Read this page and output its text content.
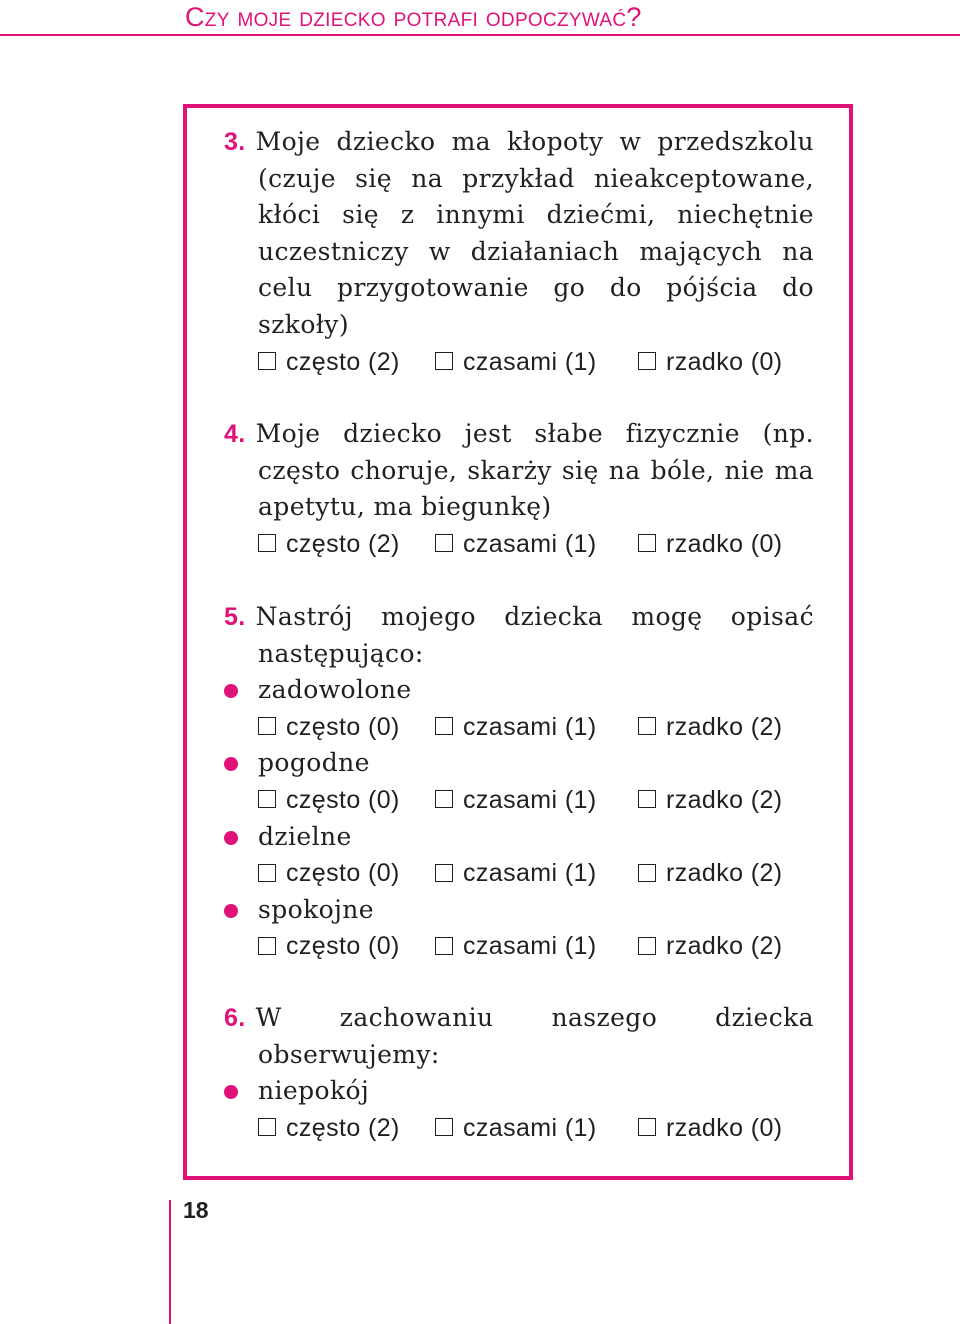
Czy moje dziecko potrafi odpoczywać?
3. Moje dziecko ma kłopoty w przedszkolu (czuje się na przykład nieakceptowane, kłóci się z innymi dziećmi, niechętnie uczestniczy w działaniach mających na celu przygotowanie go do pójścia do szkoły)
często (2)	czasami (1)	rzadko (0)
4. Moje dziecko jest słabe fizycznie (np. często choruje, skarży się na bóle, nie ma apetytu, ma biegunkę)
często (2)	czasami (1)	rzadko (0)
5. Nastrój mojego dziecka mogę opisać następująco:
zadowolone
często (0)	czasami (1)	rzadko (2)
pogodne
często (0)	czasami (1)	rzadko (2)
dzielne
często (0)	czasami (1)	rzadko (2)
spokojne
często (0)	czasami (1)	rzadko (2)
6. W zachowaniu naszego dziecka obserwujemy:
niepokój
często (2)	czasami (1)	rzadko (0)
18
